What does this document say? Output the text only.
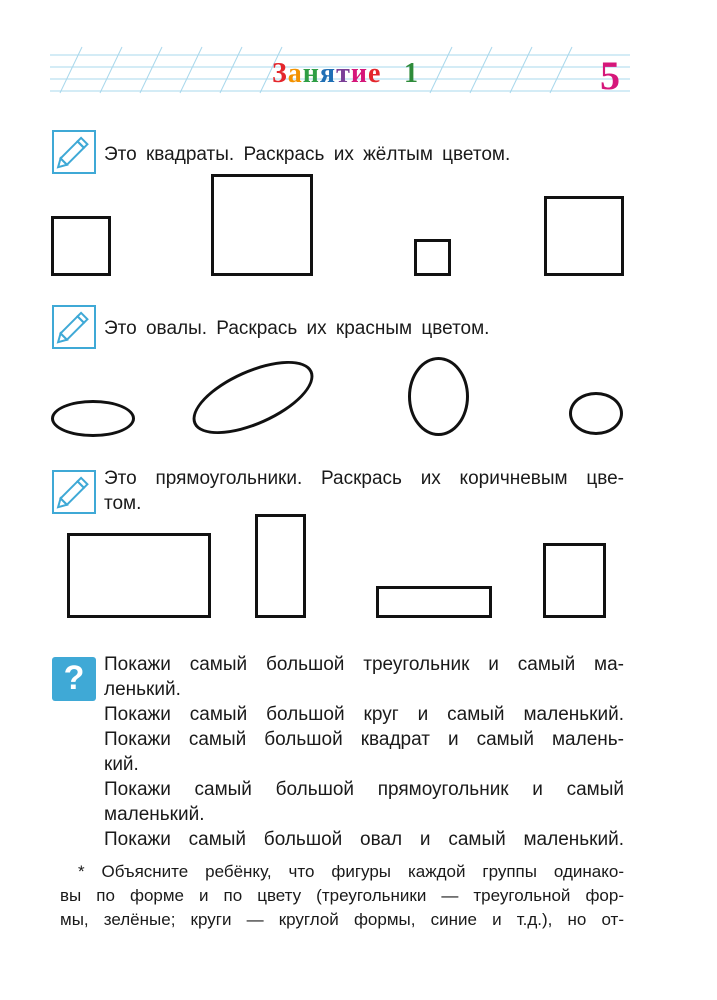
Занятие 1	5
Это квадраты. Раскрась их жёлтым цветом.
Это овалы. Раскрась их красным цветом.
Это прямоугольники. Раскрась их коричневым цве-
том.
?	Покажи самый большой треугольник и самый ма-
ленький.
Покажи самый большой круг и самый маленький.
Покажи самый большой квадрат и самый малень-
кий.
Покажи самый большой прямоугольник и самый
маленький.
Покажи самый большой овал и самый маленький.
* Объясните ребёнку, что фигуры каждой группы одинако-
вы по форме и по цвету (треугольники — треугольной фор-
мы, зелёные; круги — круглой формы, синие и т.д.), но от-
